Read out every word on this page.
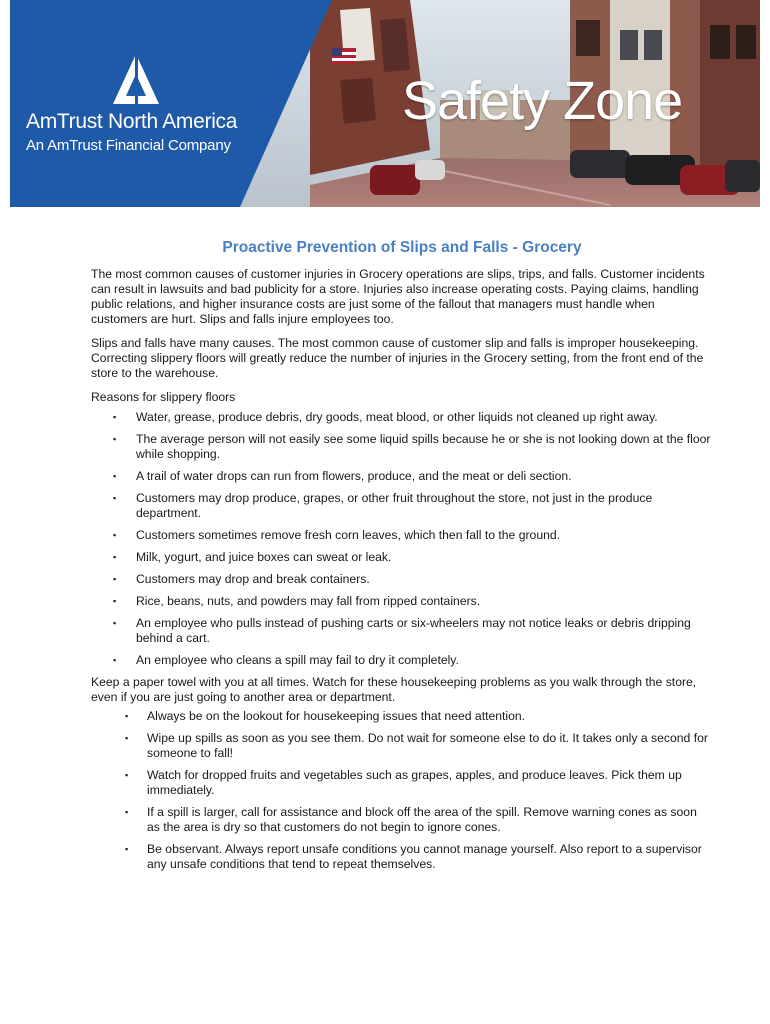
AmTrust North America
An AmTrust Financial Company
Safety Zone
Proactive Prevention of Slips and Falls - Grocery

The most common causes of customer injuries in Grocery operations are slips, trips, and falls. Customer incidents can result in lawsuits and bad publicity for a store. Injuries also increase operating costs. Paying claims, handling public relations, and higher insurance costs are just some of the fallout that managers must handle when customers are hurt. Slips and falls injure employees too.

Slips and falls have many causes. The most common cause of customer slip and falls is improper housekeeping. Correcting slippery floors will greatly reduce the number of injuries in the Grocery setting, from the front end of the store to the warehouse.

Reasons for slippery floors

▪ Water, grease, produce debris, dry goods, meat blood, or other liquids not cleaned up right away.
▪ The average person will not easily see some liquid spills because he or she is not looking down at the floor while shopping.
▪ A trail of water drops can run from flowers, produce, and the meat or deli section.
▪ Customers may drop produce, grapes, or other fruit throughout the store, not just in the produce department.
▪ Customers sometimes remove fresh corn leaves, which then fall to the ground.
▪ Milk, yogurt, and juice boxes can sweat or leak.
▪ Customers may drop and break containers.
▪ Rice, beans, nuts, and powders may fall from ripped containers.
▪ An employee who pulls instead of pushing carts or six-wheelers may not notice leaks or debris dripping behind a cart.
▪ An employee who cleans a spill may fail to dry it completely.

Keep a paper towel with you at all times. Watch for these housekeeping problems as you walk through the store, even if you are just going to another area or department.

▪ Always be on the lookout for housekeeping issues that need attention.
▪ Wipe up spills as soon as you see them. Do not wait for someone else to do it. It takes only a second for someone to fall!
▪ Watch for dropped fruits and vegetables such as grapes, apples, and produce leaves. Pick them up immediately.
▪ If a spill is larger, call for assistance and block off the area of the spill. Remove warning cones as soon as the area is dry so that customers do not begin to ignore cones.
▪ Be observant. Always report unsafe conditions you cannot manage yourself. Also report to a supervisor any unsafe conditions that tend to repeat themselves.
